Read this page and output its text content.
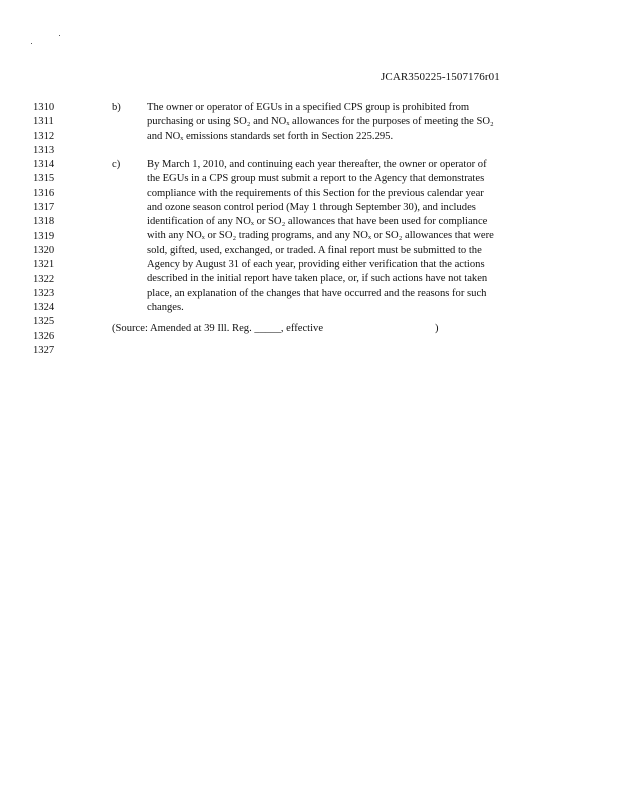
JCAR350225-1507176r01
1310
1311
1312
1313
1314
1315
1316
1317
1318
1319
1320
1321
1322
1323
1324
1325
1326
1327
b) The owner or operator of EGUs in a specified CPS group is prohibited from
purchasing or using SO₂ and NOₓ allowances for the purposes of meeting the SO₂
and NOₓ emissions standards set forth in Section 225.295.
c)	By March 1, 2010, and continuing each year thereafter, the owner or operator of
the EGUs in a CPS group must submit a report to the Agency that demonstrates
compliance with the requirements of this Section for the previous calendar year
and ozone season control period (May 1 through September 30), and includes
identification of any NOₓ or SO₂ allowances that have been used for compliance
with any NOₓ or SO₂ trading programs, and any NOₓ or SO₂ allowances that were
sold, gifted, used, exchanged, or traded. A final report must be submitted to the
Agency by August 31 of each year, providing either verification that the actions
described in the initial report have taken place, or, if such actions have not taken
place, an explanation of the changes that have occurred and the reasons for such
changes.
(Source: Amended at 39 Ill. Reg. _____, effective	)
